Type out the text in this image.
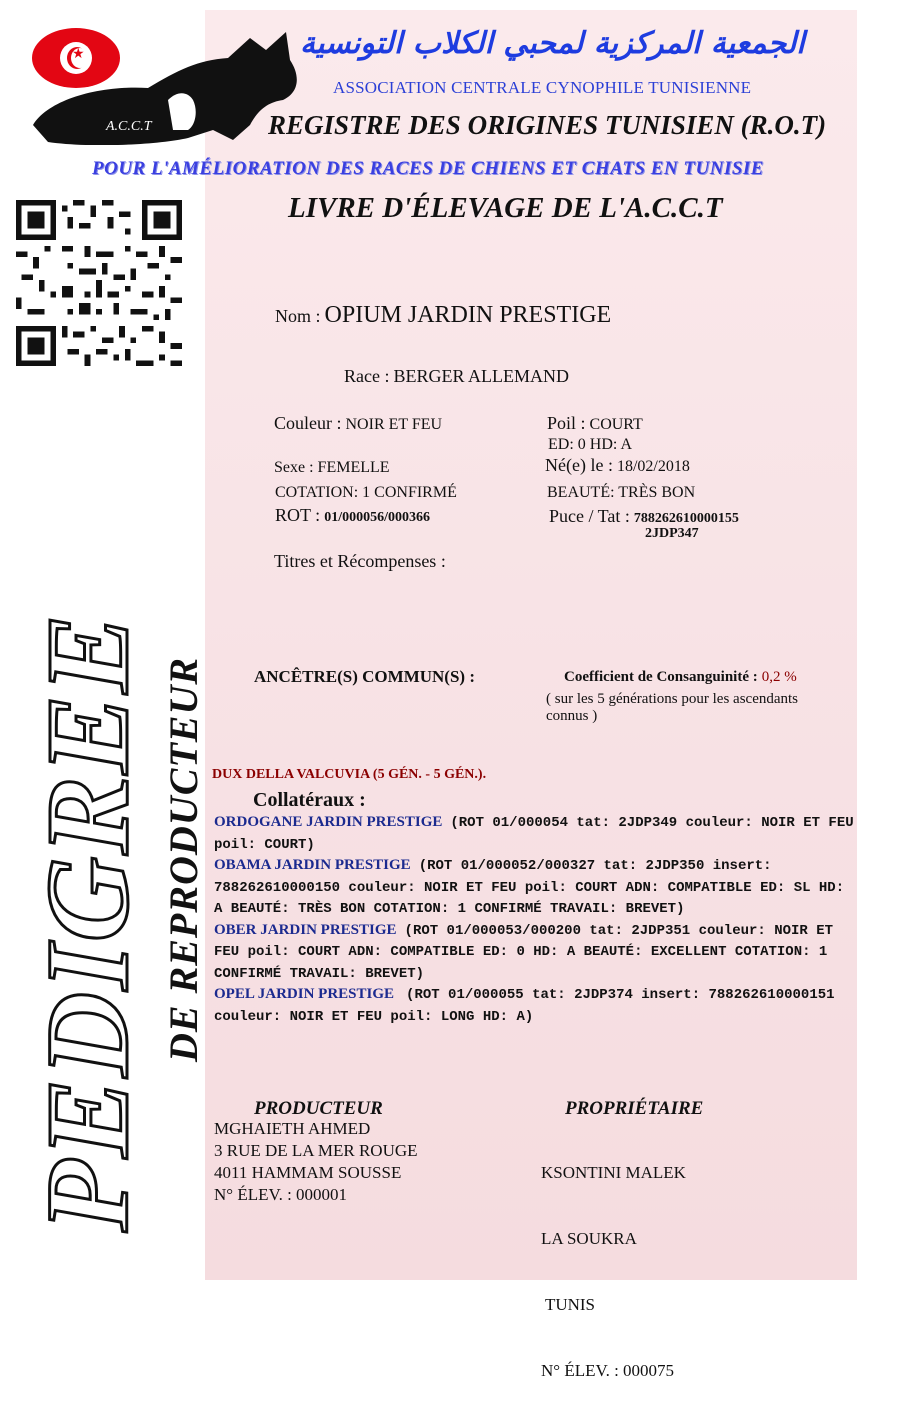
★
A.C.C.T
الجمعية المركزية لمحبي الكلاب التونسية
ASSOCIATION CENTRALE CYNOPHILE TUNISIENNE
REGISTRE DES ORIGINES TUNISIEN (R.O.T)
POUR L'AMÉLIORATION DES RACES DE CHIENS ET CHATS EN TUNISIE
LIVRE D'ÉLEVAGE DE L'A.C.C.T
PEDIGREE DE REPRODUCTEUR
Nom : OPIUM JARDIN PRESTIGE
Race : BERGER ALLEMAND
Couleur : NOIR ET FEU	Poil : COURT
ED: 0 HD: A
Sexe : FEMELLE	Né(e) le : 18/02/2018
COTATION: 1 CONFIRMÉ	BEAUTÉ: TRÈS BON
ROT : 01/000056/000366	Puce / Tat : 788262610000155
2JDP347
Titres et Récompenses :
ANCÊTRE(S) COMMUN(S) :	Coefficient de Consanguinité : 0,2 %
( sur les 5 générations pour les ascendants
connus )
DUX DELLA VALCUVIA (5 GÉN. - 5 GÉN.).
Collatéraux :

ORDOGANE JARDIN PRESTIGE (ROT 01/000054 tat: 2JDP349 couleur: NOIR ET FEU poil: COURT)

OBAMA JARDIN PRESTIGE (ROT 01/000052/000327 tat: 2JDP350 insert: 788262610000150 couleur: NOIR ET FEU poil: COURT ADN: COMPATIBLE ED: SL HD: A BEAUTÉ: TRÈS BON COTATION: 1 CONFIRMÉ TRAVAIL: BREVET)

OBER JARDIN PRESTIGE (ROT 01/000053/000200 tat: 2JDP351 couleur: NOIR ET FEU poil: COURT ADN: COMPATIBLE ED: 0 HD: A BEAUTÉ: EXCELLENT COTATION: 1 CONFIRMÉ TRAVAIL: BREVET)

OPEL JARDIN PRESTIGE (ROT 01/000055 tat: 2JDP374 insert: 788262610000151 couleur: NOIR ET FEU poil: LONG HD: A)

PRODUCTEUR
MGHAIETH AHMED
3 RUE DE LA MER ROUGE
4011 HAMMAM SOUSSE
N° ÉLEV. : 000001
PROPRIÉTAIRE

KSONTINI MALEK

LA SOUKRA

TUNIS

N° ÉLEV. : 000075
